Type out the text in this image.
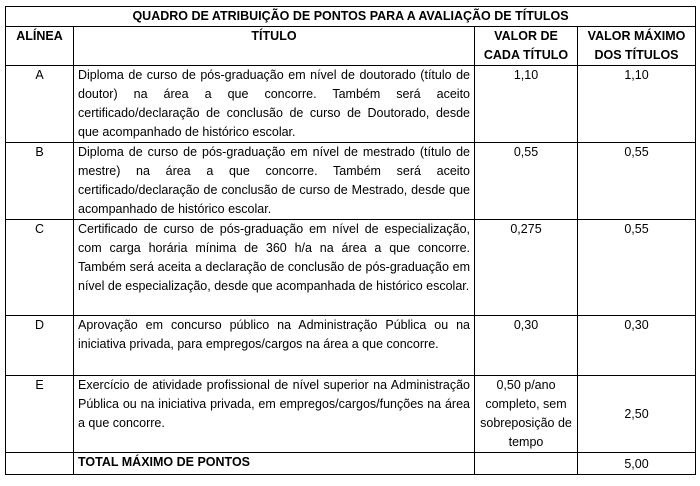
QUADRO DE ATRIBUIÇÃO DE PONTOS PARA A AVALIAÇÃO DE TÍTULOS			
ALÍNEA	TÍTULO	VALOR DE CADA TÍTULO	VALOR MÁXIMO DOS TÍTULOS
A	Diploma de curso de pós-graduação em nível de doutorado (título de doutor) na área a que concorre. Também será aceito certificado/declaração de conclusão de curso de Doutorado, desde que acompanhado de histórico escolar.	1,10	1,10
B	Diploma de curso de pós-graduação em nível de mestrado (título de mestre) na área a que concorre. Também será aceito certificado/declaração de conclusão de curso de Mestrado, desde que acompanhado de histórico escolar.	0,55	0,55
C	Certificado de curso de pós-graduação em nível de especialização, com carga horária mínima de 360 h/a na área a que concorre. Também será aceita a declaração de conclusão de pós-graduação em nível de especialização, desde que acompanhada de histórico escolar.	0,275	0,55
D	Aprovação em concurso público na Administração Pública ou na iniciativa privada, para empregos/cargos na área a que concorre.	0,30	0,30
E	Exercício de atividade profissional de nível superior na Administração Pública ou na iniciativa privada, em empregos/cargos/funções na área a que concorre.	0,50 p/ano completo, sem sobreposição de tempo	2,50
	TOTAL MÁXIMO DE PONTOS		5,00
